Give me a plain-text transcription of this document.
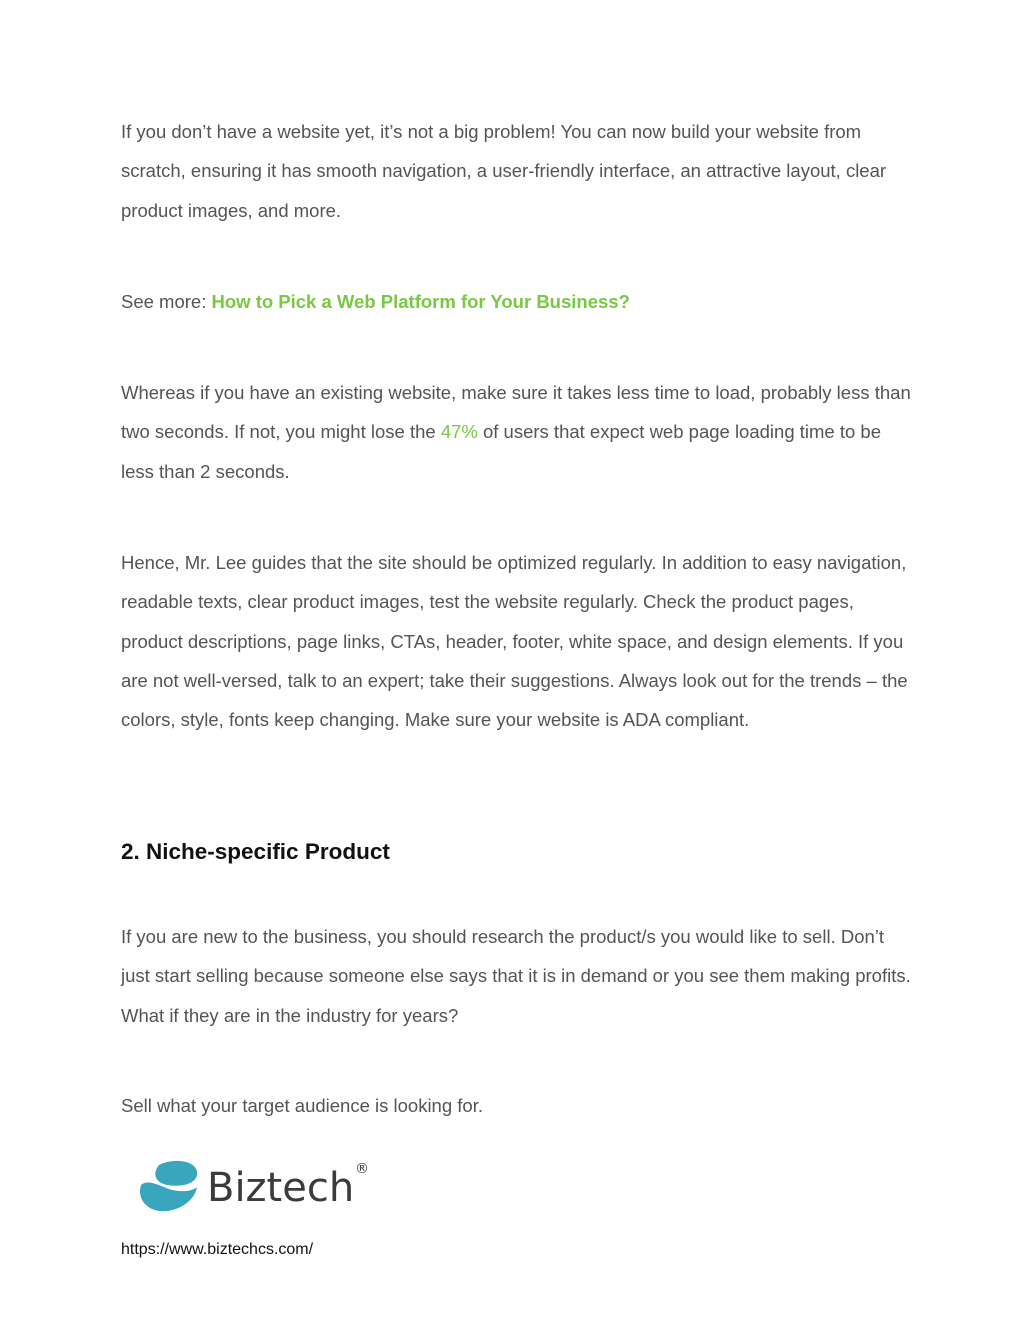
If you don’t have a website yet, it’s not a big problem! You can now build your website from scratch, ensuring it has smooth navigation, a user-friendly interface, an attractive layout, clear product images, and more.

See more: How to Pick a Web Platform for Your Business?

Whereas if you have an existing website, make sure it takes less time to load, probably less than two seconds. If not, you might lose the 47% of users that expect web page loading time to be less than 2 seconds.

Hence, Mr. Lee guides that the site should be optimized regularly. In addition to easy navigation, readable texts, clear product images, test the website regularly. Check the product pages, product descriptions, page links, CTAs, header, footer, white space, and design elements. If you are not well-versed, talk to an expert; take their suggestions. Always look out for the trends – the colors, style, fonts keep changing. Make sure your website is ADA compliant.

2. Niche-specific Product

If you are new to the business, you should research the product/s you would like to sell. Don’t just start selling because someone else says that it is in demand or you see them making profits. What if they are in the industry for years?

Sell what your target audience is looking for.

Biztech ®
https://www.biztechcs.com/
